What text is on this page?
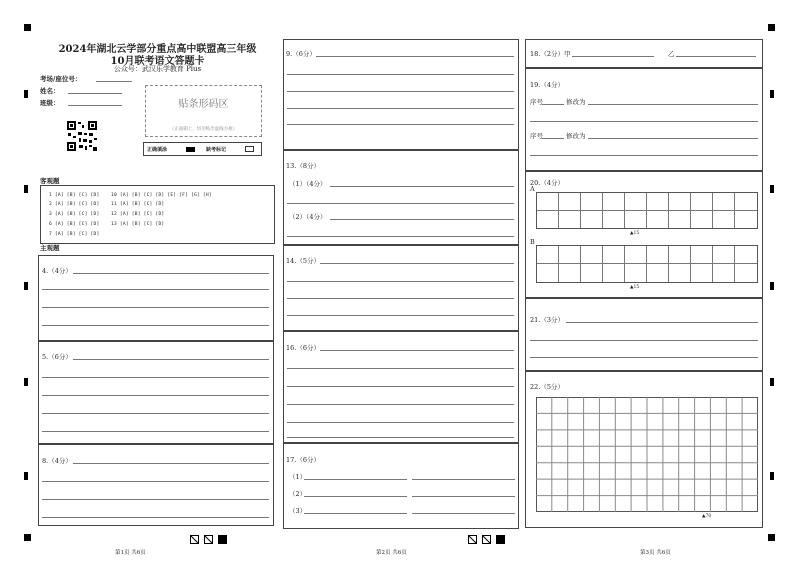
2024年湖北云学部分重点高中联盟高三年级
10月联考语文答题卡
公众号：武汉乐学教育 Plus
考场/座位号：
姓名：
班级：	贴条形码区
（正面朝上，切勿贴出虚线方框）
正确填涂	缺考标记
客观题
1 [A] [B] [C] [D]	10 [A] [B] [C] [D] [E] [F] [G] [H]
2 [A] [B] [C] [D]	11 [A] [B] [C] [D]
3 [A] [B] [C] [D]	12 [A] [B] [C] [D]
6 [A] [B] [C] [D]	13 [A] [B] [C] [D]
7 [A] [B] [C] [D]
主观题
4.（4分）
5.（6分）
8.（4分）
第1页 共6页
9.（6分）
13.（8分）
（1）（4分）
（2）（4分）
14.（5分）
16.（6分）
17.（6分）
（1）
（2）
（3）
第2页 共6页
18.（2分）甲	乙
19.（4分）
序号	修改为
序号	修改为
20.（4分）
A
▲15
B
▲15
21.（3分）
22.（5分）
▲70
第3页 共6页
